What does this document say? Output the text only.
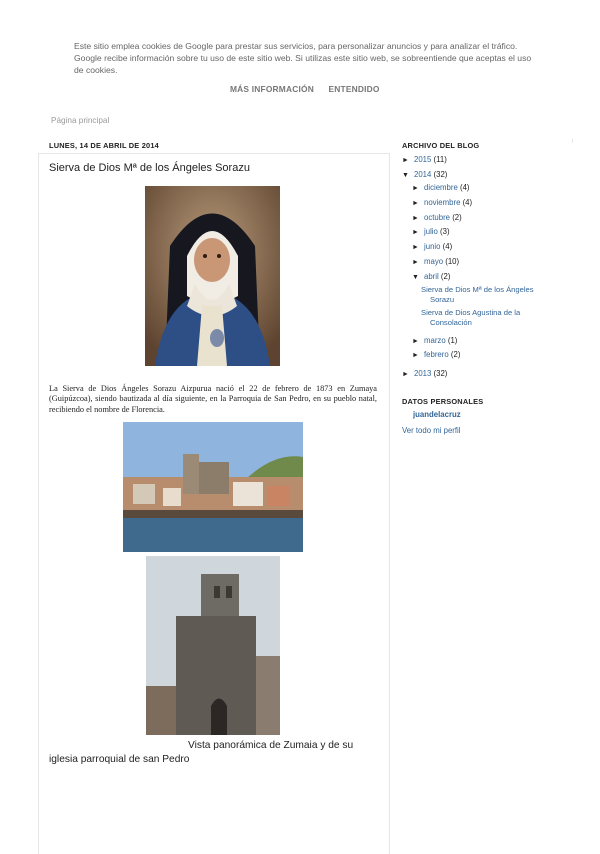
Este sitio emplea cookies de Google para prestar sus servicios, para personalizar anuncios y para analizar el tráfico. Google recibe información sobre tu uso de este sitio web. Si utilizas este sitio web, se sobreentiende que aceptas el uso de cookies.

MÁS INFORMACIÓN ENTENDIDO
Página principal
LUNES, 14 DE ABRIL DE 2014
Sierva de Dios Mª de los Ángeles Sorazu

La Sierva de Dios Ángeles Sorazu Aizpurua nació el 22 de febrero de 1873 en Zumaya (Guipúzcoa), siendo bautizada al día siguiente, en la Parroquia de San Pedro, en su pueblo natal, recibiendo el nombre de Florencia.

Vista panorámica de Zumaia y de su
iglesia parroquial de san Pedro
ARCHIVO DEL BLOG
► 2015 (11)
▼ 2014 (32)
► diciembre (4)
► noviembre (4)
► octubre (2)
► julio (3)
► junio (4)
► mayo (10)
▼ abril (2)
Sierva de Dios Mª de los Ángeles
Sorazu
Sierva de Dios Agustina de la
Consolación
► marzo (1)
► febrero (2)
► 2013 (32)
DATOS PERSONALES
juandelacruz
Ver todo mi perfil
